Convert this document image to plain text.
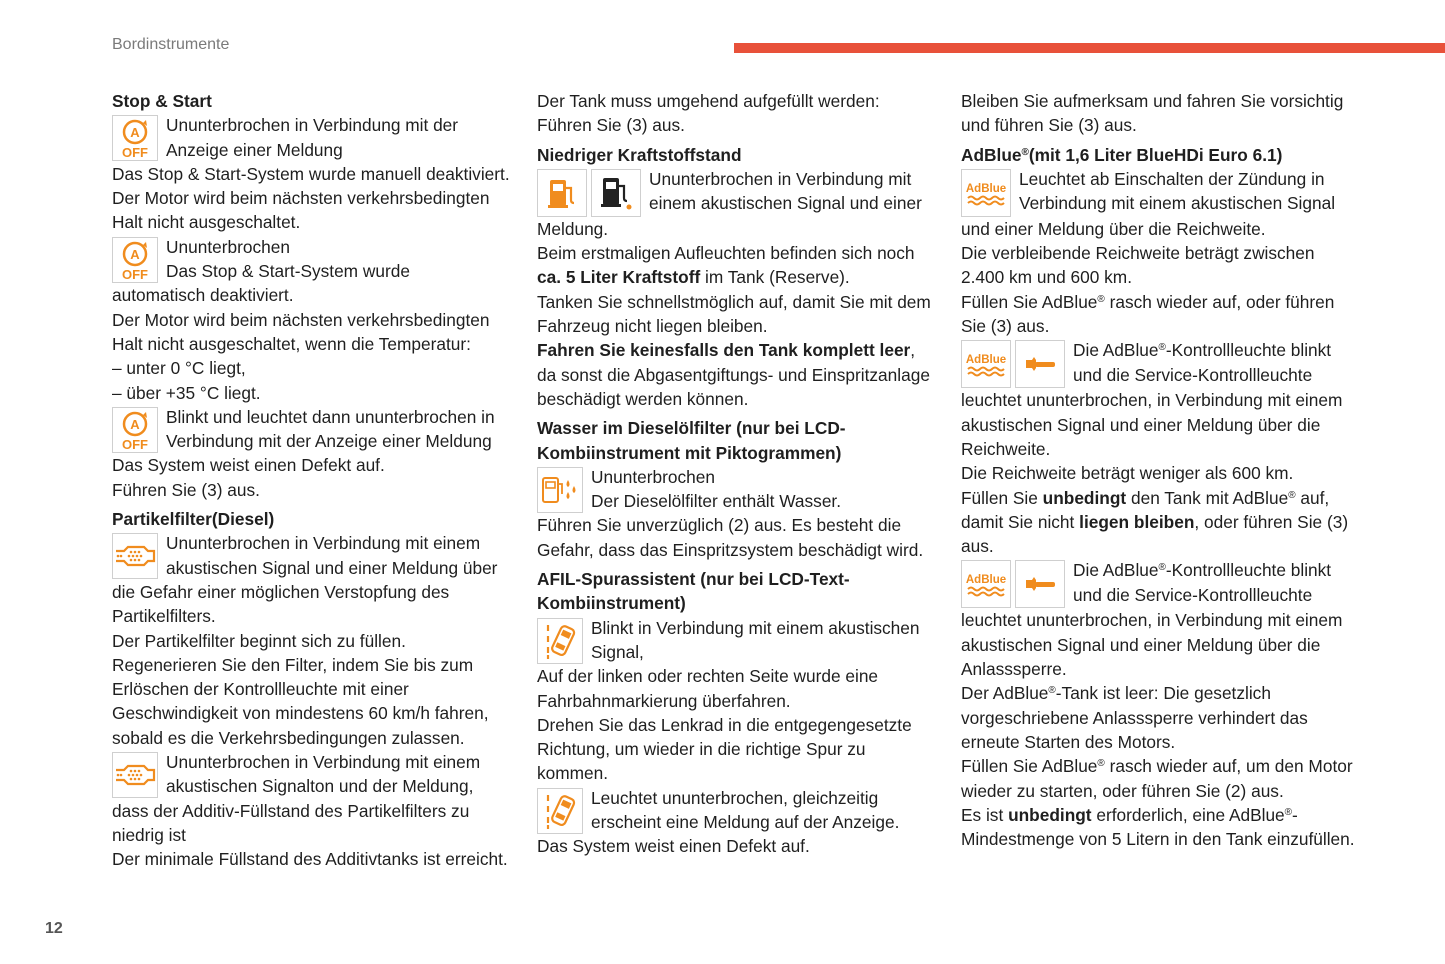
Bordinstrumente
12
Stop & Start
A
OFF
Ununterbrochen in Verbindung mit der
Anzeige einer Meldung

Das Stop & Start-System wurde manuell deaktiviert.

Der Motor wird beim nächsten verkehrsbedingten Halt nicht ausgeschaltet.

A
OFF
Ununterbrochen
Das Stop & Start-System wurde

automatisch deaktiviert.

Der Motor wird beim nächsten verkehrsbedingten Halt nicht ausgeschaltet, wenn die Temperatur:

– unter 0 °C liegt,
– über +35 °C liegt.
A
OFF
Blinkt und leuchtet dann ununterbrochen in
Verbindung mit der Anzeige einer Meldung

Das System weist einen Defekt auf.

Führen Sie (3) aus.

Partikelfilter(Diesel)
Ununterbrochen in Verbindung mit einem
akustischen Signal und einer Meldung über

die Gefahr einer möglichen Verstopfung des Partikelfilters.

Der Partikelfilter beginnt sich zu füllen.

Regenerieren Sie den Filter, indem Sie bis zum Erlöschen der Kontrollleuchte mit einer Geschwindigkeit von mindestens 60 km/h fahren, sobald es die Verkehrsbedingungen zulassen.

Ununterbrochen in Verbindung mit einem
akustischen Signalton und der Meldung,

dass der Additiv-Füllstand des Partikelfilters zu niedrig ist

Der minimale Füllstand des Additivtanks ist erreicht.

Der Tank muss umgehend aufgefüllt werden:

Führen Sie (3) aus.

Niedriger Kraftstoffstand
Ununterbrochen in Verbindung mit
einem akustischen Signal und einer

Meldung.

Beim erstmaligen Aufleuchten befinden sich noch
ca. 5 Liter Kraftstoff im Tank (Reserve).

Tanken Sie schnellstmöglich auf, damit Sie mit dem Fahrzeug nicht liegen bleiben.

Fahren Sie keinesfalls den Tank komplett leer, da sonst die Abgasentgiftungs- und Einspritzanlage beschädigt werden können.

Wasser im Dieselölfilter (nur bei LCD-Kombiinstrument mit Piktogrammen)
Ununterbrochen
Der Dieselölfilter enthält Wasser.

Führen Sie unverzüglich (2) aus. Es besteht die Gefahr, dass das Einspritzsystem beschädigt wird.

AFIL-Spurassistent (nur bei LCD-Text-Kombiinstrument)
Blinkt in Verbindung mit einem akustischen
Signal,

Auf der linken oder rechten Seite wurde eine Fahrbahnmarkierung überfahren.

Drehen Sie das Lenkrad in die entgegengesetzte Richtung, um wieder in die richtige Spur zu kommen.

Leuchtet ununterbrochen, gleichzeitig
erscheint eine Meldung auf der Anzeige.

Das System weist einen Defekt auf.

Bleiben Sie aufmerksam und fahren Sie vorsichtig und führen Sie (3) aus.

AdBlue®(mit 1,6 Liter BlueHDi Euro 6.1)
AdBlue Leuchtet ab Einschalten der Zündung in
Verbindung mit einem akustischen Signal

und einer Meldung über die Reichweite.

Die verbleibende Reichweite beträgt zwischen 2.400 km und 600 km.

Füllen Sie AdBlue® rasch wieder auf, oder führen Sie (3) aus.

AdBlue	Die AdBlue®-Kontrollleuchte blinkt
und die Service-Kontrollleuchte

leuchtet ununterbrochen, in Verbindung mit einem akustischen Signal und einer Meldung über die Reichweite.

Die Reichweite beträgt weniger als 600 km.

Füllen Sie unbedingt den Tank mit AdBlue® auf, damit Sie nicht liegen bleiben, oder führen Sie (3) aus.

AdBlue	Die AdBlue®-Kontrollleuchte blinkt
und die Service-Kontrollleuchte

leuchtet ununterbrochen, in Verbindung mit einem akustischen Signal und einer Meldung über die Anlasssperre.

Der AdBlue®-Tank ist leer: Die gesetzlich vorgeschriebene Anlasssperre verhindert das erneute Starten des Motors.

Füllen Sie AdBlue® rasch wieder auf, um den Motor wieder zu starten, oder führen Sie (2) aus.

Es ist unbedingt erforderlich, eine AdBlue®-Mindestmenge von 5 Litern in den Tank einzufüllen.
